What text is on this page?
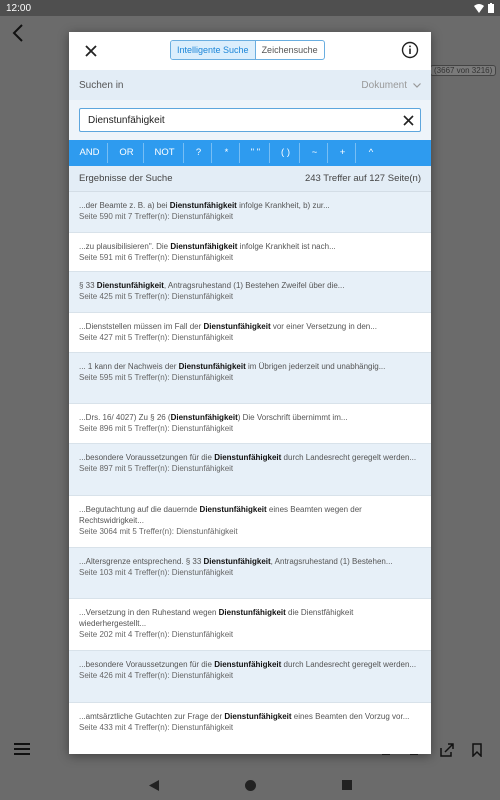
12:00
(3667 von 3216)
Intelligente Suche	Zeichensuche
Suchen in	Dokument
Dienstunfähigkeit
AND	OR	NOT	?	*	" "	( )	~	+	^
Ergebnisse der Suche	243 Treffer auf 127 Seite(n)
...der Beamte z. B. a) bei Dienstunfähigkeit infolge Krankheit, b) zur...
Seite 590 mit 7 Treffer(n): Dienstunfähigkeit
...zu plausibilisieren". Die Dienstunfähigkeit infolge Krankheit ist nach...
Seite 591 mit 6 Treffer(n): Dienstunfähigkeit
§ 33 Dienstunfähigkeit, Antragsruhestand (1) Bestehen Zweifel über die...
Seite 425 mit 5 Treffer(n): Dienstunfähigkeit
...Dienststellen müssen im Fall der Dienstunfähigkeit vor einer Versetzung in den...
Seite 427 mit 5 Treffer(n): Dienstunfähigkeit
... 1 kann der Nachweis der Dienstunfähigkeit im Übrigen jederzeit und unabhängig...
Seite 595 mit 5 Treffer(n): Dienstunfähigkeit
...Drs. 16/ 4027) Zu § 26 (Dienstunfähigkeit) Die Vorschrift übernimmt im...
Seite 896 mit 5 Treffer(n): Dienstunfähigkeit
...besondere Voraussetzungen für die Dienstunfähigkeit durch Landesrecht geregelt werden...
Seite 897 mit 5 Treffer(n): Dienstunfähigkeit
...Begutachtung auf die dauernde Dienstunfähigkeit eines Beamten wegen der Rechtswidrigkeit...
Seite 3064 mit 5 Treffer(n): Dienstunfähigkeit
...Altersgrenze entsprechend. § 33 Dienstunfähigkeit, Antragsruhestand (1) Bestehen...
Seite 103 mit 4 Treffer(n): Dienstunfähigkeit
...Versetzung in den Ruhestand wegen Dienstunfähigkeit die Dienstfähigkeit wiederhergestellt...
Seite 202 mit 4 Treffer(n): Dienstunfähigkeit
...besondere Voraussetzungen für die Dienstunfähigkeit durch Landesrecht geregelt werden...
Seite 426 mit 4 Treffer(n): Dienstunfähigkeit
...amtsärztliche Gutachten zur Frage der Dienstunfähigkeit eines Beamten den Vorzug vor...
Seite 433 mit 4 Treffer(n): Dienstunfähigkeit
